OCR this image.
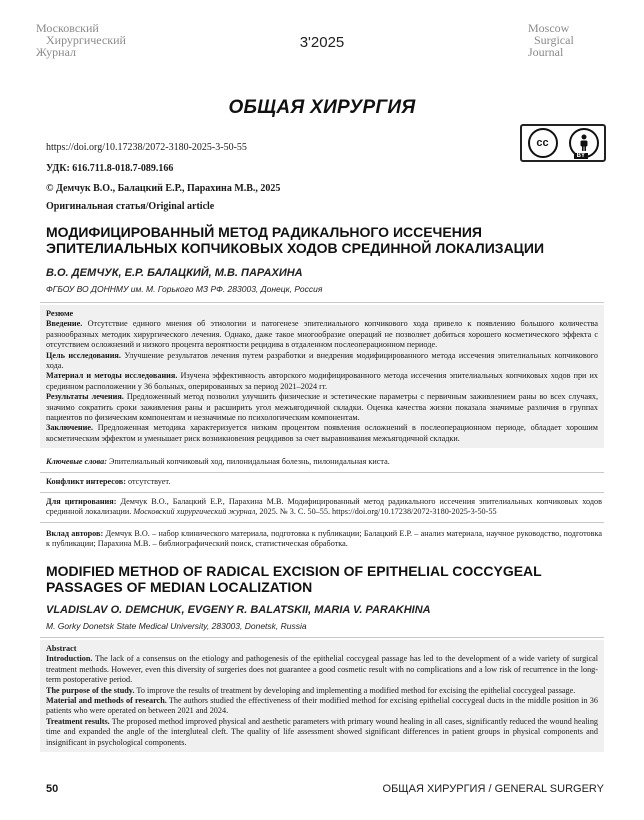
Московский
Хирургический
Журнал
3'2025
Moscow
Surgical
Journal
ОБЩАЯ ХИРУРГИЯ
https://doi.org/10.17238/2072-3180-2025-3-50-55
УДК: 616.711.8-018.7-089.166
© Демчук В.О., Балацкий Е.Р., Парахина М.В., 2025
Оригинальная статья/Original article
cc
BY
МОДИФИЦИРОВАННЫЙ МЕТОД РАДИКАЛЬНОГО ИССЕЧЕНИЯ ЭПИТЕЛИАЛЬНЫХ КОПЧИКОВЫХ ХОДОВ СРЕДИННОЙ ЛОКАЛИЗАЦИИ
В.О. ДЕМЧУК, Е.Р. БАЛАЦКИЙ, М.В. ПАРАХИНА
ФГБОУ ВО ДОННМУ им. М. Горького МЗ РФ. 283003, Донецк, Россия

Резюме

Введение. Отсутствие единого мнения об этиологии и патогенезе эпителиального копчикового хода привело к появлению большого количества разнообразных методик хирургического лечения. Однако, даже такое многообразие операций не позволяет добиться хорошего косметического эффекта с отсутствием осложнений и низкого процента вероятности рецидива в отдаленном послеоперационном периоде.

Цель исследования. Улучшение результатов лечения путем разработки и внедрения модифицированного метода иссечения эпителиальных копчикового хода.

Материал и методы исследования. Изучена эффективность авторского модифицированного метода иссечения эпителиальных копчиковых ходов при их срединном расположении у 36 больных, оперированных за период 2021–2024 гг.

Результаты лечения. Предложенный метод позволил улучшить физические и эстетические параметры с первичным заживлением раны во всех случаях, значимо сократить сроки заживления раны и расширить угол межъягодичной складки. Оценка качества жизни показала значимые различия в группах пациентов по физическим компонентам и незначимые по психологическим компонентам.

Заключение. Предложенная методика характеризуется низким процентом появления осложнений в послеоперационном периоде, обладает хорошим косметическим эффектом и уменьшает риск возникновения рецидивов за счет выравнивания межъягодичной складки.

Ключевые слова: Эпителиальный копчиковый ход, пилонидальная болезнь, пилонидальная киста.
Конфликт интересов: отсутствует.
Для цитирования: Демчук В.О., Балацкий Е.Р., Парахина М.В. Модифицированный метод радикального иссечения эпителиальных копчиковых ходов срединной локализации. Московский хирургический журнал, 2025. № 3. С. 50–55. https://doi.org/10.17238/2072-3180-2025-3-50-55
Вклад авторов: Демчук В.О. – набор клинического материала, подготовка к публикации; Балацкий Е.Р. – анализ материала, научное руководство, подготовка к публикации; Парахина М.В. – библиографический поиск, статистическая обработка.
MODIFIED METHOD OF RADICAL EXCISION OF EPITHELIAL COCCYGEAL PASSAGES OF MEDIAN LOCALIZATION
VLADISLAV O. DEMCHUK, EVGENY R. BALATSKII, MARIA V. PARAKHINA
M. Gorky Donetsk State Medical University, 283003, Donetsk, Russia

Abstract

Introduction. The lack of a consensus on the etiology and pathogenesis of the epithelial coccygeal passage has led to the development of a wide variety of surgical treatment methods. However, even this diversity of surgeries does not guarantee a good cosmetic result with no complications and a low risk of recurrence in the long-term postoperative period.

The purpose of the study. To improve the results of treatment by developing and implementing a modified method for excising the epithelial coccygeal passage.

Material and methods of research. The authors studied the effectiveness of their modified method for excising epithelial coccygeal ducts in the middle position in 36 patients who were operated on between 2021 and 2024.

Treatment results. The proposed method improved physical and aesthetic parameters with primary wound healing in all cases, significantly reduced the wound healing time and expanded the angle of the intergluteal cleft. The quality of life assessment showed significant differences in patient groups in physical components and insignificant in psychological components.

50	ОБЩАЯ ХИРУРГИЯ / GENERAL SURGERY
